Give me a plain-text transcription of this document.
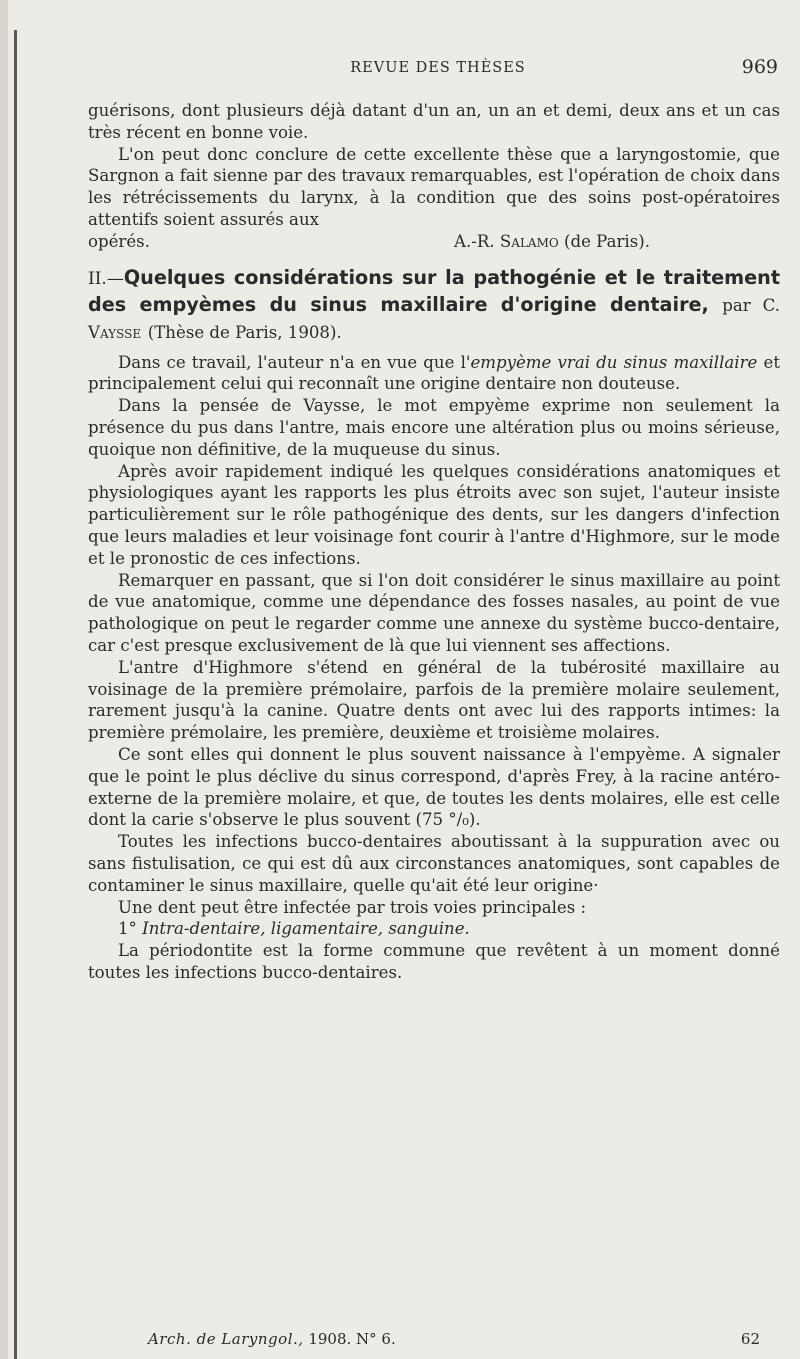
REVUE DES THÈSES	969

guérisons, dont plusieurs déjà datant d'un an, un an et demi, deux ans et un cas très récent en bonne voie.

L'on peut donc conclure de cette excellente thèse que a laryngostomie, que Sargnon a fait sienne par des travaux remarquables, est l'opération de choix dans les rétrécissements du larynx, à la condition que des soins post-opératoires attentifs soient assurés aux

opérés.	A.-R. Salamo (de Paris).

II.—Quelques considérations sur la pathogénie et le traitement des empyèmes du sinus maxillaire d'origine dentaire, par C. Vaysse (Thèse de Paris, 1908).

Dans ce travail, l'auteur n'a en vue que l'empyème vrai du sinus maxillaire et principalement celui qui reconnaît une origine dentaire non douteuse.

Dans la pensée de Vaysse, le mot empyème exprime non seulement la présence du pus dans l'antre, mais encore une altération plus ou moins sérieuse, quoique non définitive, de la muqueuse du sinus.

Après avoir rapidement indiqué les quelques considérations anatomiques et physiologiques ayant les rapports les plus étroits avec son sujet, l'auteur insiste particulièrement sur le rôle pathogénique des dents, sur les dangers d'infection que leurs maladies et leur voisinage font courir à l'antre d'Highmore, sur le mode et le pronostic de ces infections.

Remarquer en passant, que si l'on doit considérer le sinus maxillaire au point de vue anatomique, comme une dépendance des fosses nasales, au point de vue pathologique on peut le regarder comme une annexe du système bucco-dentaire, car c'est presque exclusivement de là que lui viennent ses affections.

L'antre d'Highmore s'étend en général de la tubérosité maxillaire au voisinage de la première prémolaire, parfois de la première molaire seulement, rarement jusqu'à la canine. Quatre dents ont avec lui des rapports intimes: la première prémolaire, les première, deuxième et troisième molaires.

Ce sont elles qui donnent le plus souvent naissance à l'empyème. A signaler que le point le plus déclive du sinus correspond, d'après Frey, à la racine antéro-externe de la première molaire, et que, de toutes les dents molaires, elle est celle dont la carie s'observe le plus souvent (75 °/₀).

Toutes les infections bucco-dentaires aboutissant à la suppuration avec ou sans fistulisation, ce qui est dû aux circonstances anatomiques, sont capables de contaminer le sinus maxillaire, quelle qu'ait été leur origine·

Une dent peut être infectée par trois voies principales :

1° Intra-dentaire, ligamentaire, sanguine.

La périodontite est la forme commune que revêtent à un moment donné toutes les infections bucco-dentaires.

Arch. de Laryngol., 1908. N° 6.	62
